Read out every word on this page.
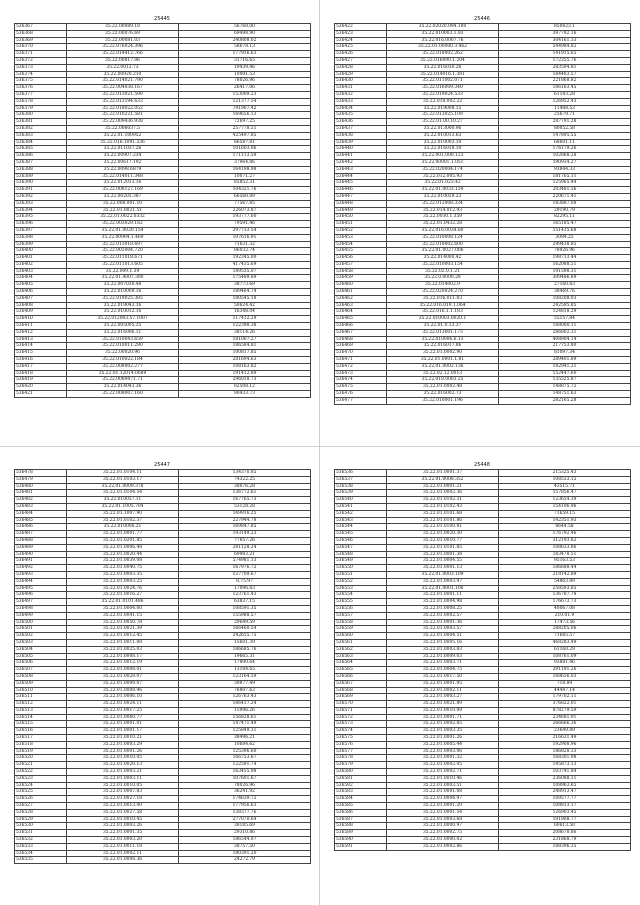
25445
536367	35.22.00089.18	56768.00
536368	35.22.00076.69	69498.90
536369	35.22.00081.03	240808.02
536370	35.22.076024.396	58678.13
536371	35.22.014412.766	177916.63
536372	35.22.00817.06	31716.65
536373	35.22.0012.73	19439.46
536374	35.22.00920.210	10001.53
536375	35.22.014021.790	78026.96
536376	35.22.004038.167	26417.06
536377	35.22.013021.590	153009.23
536378	35.22.013194.633	121377.54
536379	35.22.018022.052	791907.42
536380	35.22.010221.581	169656.13
536381	35.22.009436.938	72697.25
536382	35.22.006037.5	257778.51
536383	35.22.01.100952	425497.85
536384	35.22.016.1091.336	86587.81
536385	35.22.011037.26	101603.06
536386	35.22.00907.234	171113.59
536387	35.22.00617.192	37964.86
536388	35.22.0098.6879	164198.98
536389	35.22.014011.348	10071.27
536390	35.22.012013.16	85852.31
536391	35.22.008127.169	104321.76
536392	35.22.00203.387	66560.89
536393	35.22.008.001.10	77567.85
536394	35.22.01.0021.51	226073.87
536395	35.22.01.0022.0332	193777.60
536396	35.22.003029.182	79591.46
536397	35.22.01.0020.154	297733.54
536398	35.22.00904.1.469	107616.91
536399	35.22.013018.697	71631.32
536400	35.22.002004.720	86032.74
536401	35.22.011018.671	192345.00
536402	35.22.011013.605	417435.69
536403	35.22.009.1.39	189535.07
536404	35.22.01.4007.300	175489.89
536405	35.22.007030.48	38773.69
536406	35.22.010009.16	189464.74
536407	35.22.019025.385	180545.18
536408	35.22.019043.16	50624.42
536409	35.22.010012.16	16348.04
536410	35.22.012003.57.1007	117412.29
536411	35.22.005005.35	122398.38
536412	35.22.016006.11	38114.26
536413	35.22.010043.659	181007.27
536414	35.22.010011.290	186584.81
536415	35.22.00020.96	100817.85
536416	35.22.010022.184	281694.63
536417	35.22.008002.277	108163.82
536418	35.22.01.12014.0689	191412.89
536419	35.22.0089471.71	296018.73
536420	35.22.014043.36	82508.12
536421	35.22.008007.160	80433.73
25446
536422	35.22.02020.094.180	850823.1
536423	35.22.010003.1.93	397792.16
536424	35.22.016.0007.76	304161.33
536425	35.22.01.00000.3.462	544984.82
536426	35.22.018002.262	141915.65
536427	35.22.016090.1.204	172355.76
536428	35.22.016030.26	283594.81
536429	35.22.014016.1.381	184483.57
536430	35.22.011002.071	221868.82
536431	35.22.016009.340	186163.45
536432	35.22.019024.533	61143.28
536433	35.22.018.002.22	126952.43
536434	35.22.019008.15	11488.53
536435	35.22.013025.109	25679.71
536436	35.22.01.00.10.27	287791.28
536437	35.22.013000.96	80052.58
536438	35.22.010013.63	147895.55
536439	35.22.010003.10	68601.11
536440	35.22.016018.10	176179.26
536441	35.22.001.000.123	102868.28
536442	35.22.00001.1.051	190934.27
536443	35.22.020004.174	93844.33
536444	35.22.012.005.93	181765.11
536445	35.22.01.023.42	125965.44
536446	35.22.01.0033.159	203481.56
536447	35.22.010029.23	220671.41
536448	35.22.012008.334	183887.08
536449	35.22.014.012.93	29190.79
536450	35.22.0030.1.359	82295.11
536451	35.22.01.0432.28	165185.47
536452	35.22.016.0034.60	151435.68
536453	35.22.010008.124	3094.25
536454	35.22.018002.600	299438.85
536455	35.22.01.0027.006	78926.96
536456	35.22.014000.42	198713.44
536457	35.22.010003.154	162088.51
536458	35.22.02.0.1.21	191598.31
536459	35.22.0.0000.28	309486.89
536460	35.22.014002.9	27160.83
536461	35.22.020024.270	38469.76
536462	35.22.016.011.03	108208.03
536463	35.22.016.019.1.064	242595.85
536464	35.22.016.1.1.183	124818.29
536465	35.22.010003.0020.1	55157.84
536466	35.22.01.0.13.37	188000.11
536467	35.22.013001.173	286802.31
536468	35.22.010006.6.13	408904.14
536469	35.22.016017.86	217753.80
536470	35.22.01.0002.90	81097.34
536471	35.22.01.0001.1.81	289401.89
536472	35.22.01.0002.136	182941.21
536473	35.22.02.12.0013	152447.60
536474	35.22.018.0003.25	135525.87
536475	35.22.01.0002.48	148875.72
536476	35.22.016002.73	148751.63
536477	35.22.010001.196	282165.28
25447
536478	35.22.01.0104.11	134370.85
536479	35.22.01.0103.17	74322.25
536480	35.22.01.0009.378	38076.28
536481	35.22.01.0104.54	136772.61
536482	35.22.010057.11	167765.73
536483	35.22.01.1005.704	53128.28
536484	35.22.01.1007.90	169916.25
536485	35.22.01.0102.37	227944.78
536486	35.22.010006.21	169847.85
536487	35.22.01.0001.77	193149.23
536488	35.22.01.0201.85	77857.26
536489	35.22.01.0006.48	281128.24
536490	35.22.01.0020.44	69983.21
536491	35.22.01.0039.08	574981.13
536492	35.22.01.0040.75	167976.72
536493	35.22.01.0003.35	127709.67
536494	35.22.01.0003.25	8.75.97
536495	35.22.01.0024.76	17096.83
536496	35.22.01.0016.27	123761.43
536497	35.22.01.0101.486	63837.15
536498	35.22.01.0004.00	108591.35
536499	35.22.01.0041.15	155988.57
536500	35.22.01.0050.78	29649.59
536501	35.22.01.0021.39	166460.54
536502	35.22.01.0012.45	242655.75
536503	35.22.01.0011.08	15601.39
536504	35.22.01.0025.03	186685.76
536505	35.22.01.0008.17	19665.31
536506	35.22.01.0012.19	17800.64
536507	35.22.01.0008.01	13184.65
536508	35.22.01.0029.07	123164.59
536509	35.22.01.0009.07	39877.49
536510	35.22.01.0008.96	76807.63
536511	35.22.01.0006.10	126763.43
536512	35.22.01.0024.11	186417.24
536513	35.22.01.0017.25	15996.26
536514	35.22.01.0060.77	156828.61
536515	35.22.01.0001.01	147471.49
536516	35.22.01.0001.17	125849.31
536517	35.22.01.0010.21	38496.21
536518	35.22.01.0003.29	10684.62
536519	35.22.01.0001.26	125396.60
536520	35.22.01.0010.05	166753.67
536521	35.22.01.0020.13	122591.74
536522	35.22.01.0003.21	163455.98
536523	35.22.01.0003.11	107601.67
536524	35.22.01.0010.05	78026.96
536525	35.22.01.0007.83	36241.92
536526	35.22.01.0027.18	174639.72
536527	35.22.01.0013.00	177956.63
536528	35.22.01.0027.58	138377.76
536529	35.22.01.0010.45	277070.64
536530	35.22.01.0003.26	38185.69
536531	35.22.01.0001.35	29310.86
536532	35.22.01.0003.20	186544.97
536533	35.22.01.0011.18	38757.50
536534	35.22.01.0002.11	180391.20
536535	35.22.01.0008.36	24272.79
25448
536536	35.22.01.0001.37	215325.43
536537	35.22.01.0008.352	108533.12
536538	35.22.01.0001.21	43515.71
536539	35.22.01.0002.36	157856.47
536540	35.22.01.0102.31	123654.39
536541	35.22.01.0102.43	154196.96
536542	35.22.01.0101.68	71659.15
536543	35.22.01.0101.86	142351.93
536544	35.22.01.0100.81	8644.58
536545	35.22.01.0020.30	176792.46
536546	35.22.01.0010.77	312193.82
536547	35.22.01.0101.85	108633.86
536548	35.22.01.0001.38	183478.51
536549	35.22.01.0004.55	95163.53
536550	35.22.01.0001.13	186688.44
536551	35.22.01.0003.109	218142.89
536552	35.22.01.0003.97	54863.89
536553	35.22.01.0001.106	258593.85
536554	35.22.01.0001.11	136787.78
536555	35.22.01.0004.98	176673.73
536556	35.22.01.0008.25	40067.08
536557	35.22.01.0002.57	210.01.9
536558	35.22.01.0001.36	17473.56
536559	35.22.01.0003.57	288205.06
536560	35.22.01.0004.51	71685.57
536561	35.22.01.0005.16	468283.49
536562	35.22.01.0003.83	61160.29
536563	35.22.01.0009.03	108761.09
536564	35.22.01.0003.71	93881.46
536565	35.22.01.0004.75	291191.26
536566	35.22.01.0017.50	168656.03
536567	35.22.01.0001.95	718.89
536568	35.22.01.0002.11	44447.14
536569	35.22.01.0003.27	179702.11
536570	35.22.01.0021.89	376822.01
536571	35.22.01.0010.09	878279.59
536572	35.22.01.0001.71	234681.91
536573	35.22.01.0002.85	266666.36
536574	35.22.01.0003.35	23649.89
536575	35.22.01.0001.26	216631.49
536576	35.22.01.0005.44	192908.96
536577	35.22.01.0003.06	186828.33
536578	35.22.01.0001.32	168301.98
536579	35.22.01.0002.05	145873.13
536580	35.22.01.0002.71	103741.84
536581	35.22.01.0010.46	236088.11
536582	35.22.01.0003.51	108963.65
536583	35.22.01.0001.08	248913.47
536584	35.22.01.0004.97	109577.77
536585	35.22.01.0001.20	108813.17
536586	35.22.01.0001.54	126903.45
536587	35.22.01.0003.68	191908.77
536588	35.22.01.0000.97	60613.50
536589	35.22.01.0002.75	208678.86
536590	35.22.01.0000.02	231868.79
536591	35.22.01.0002.86	188396.35
